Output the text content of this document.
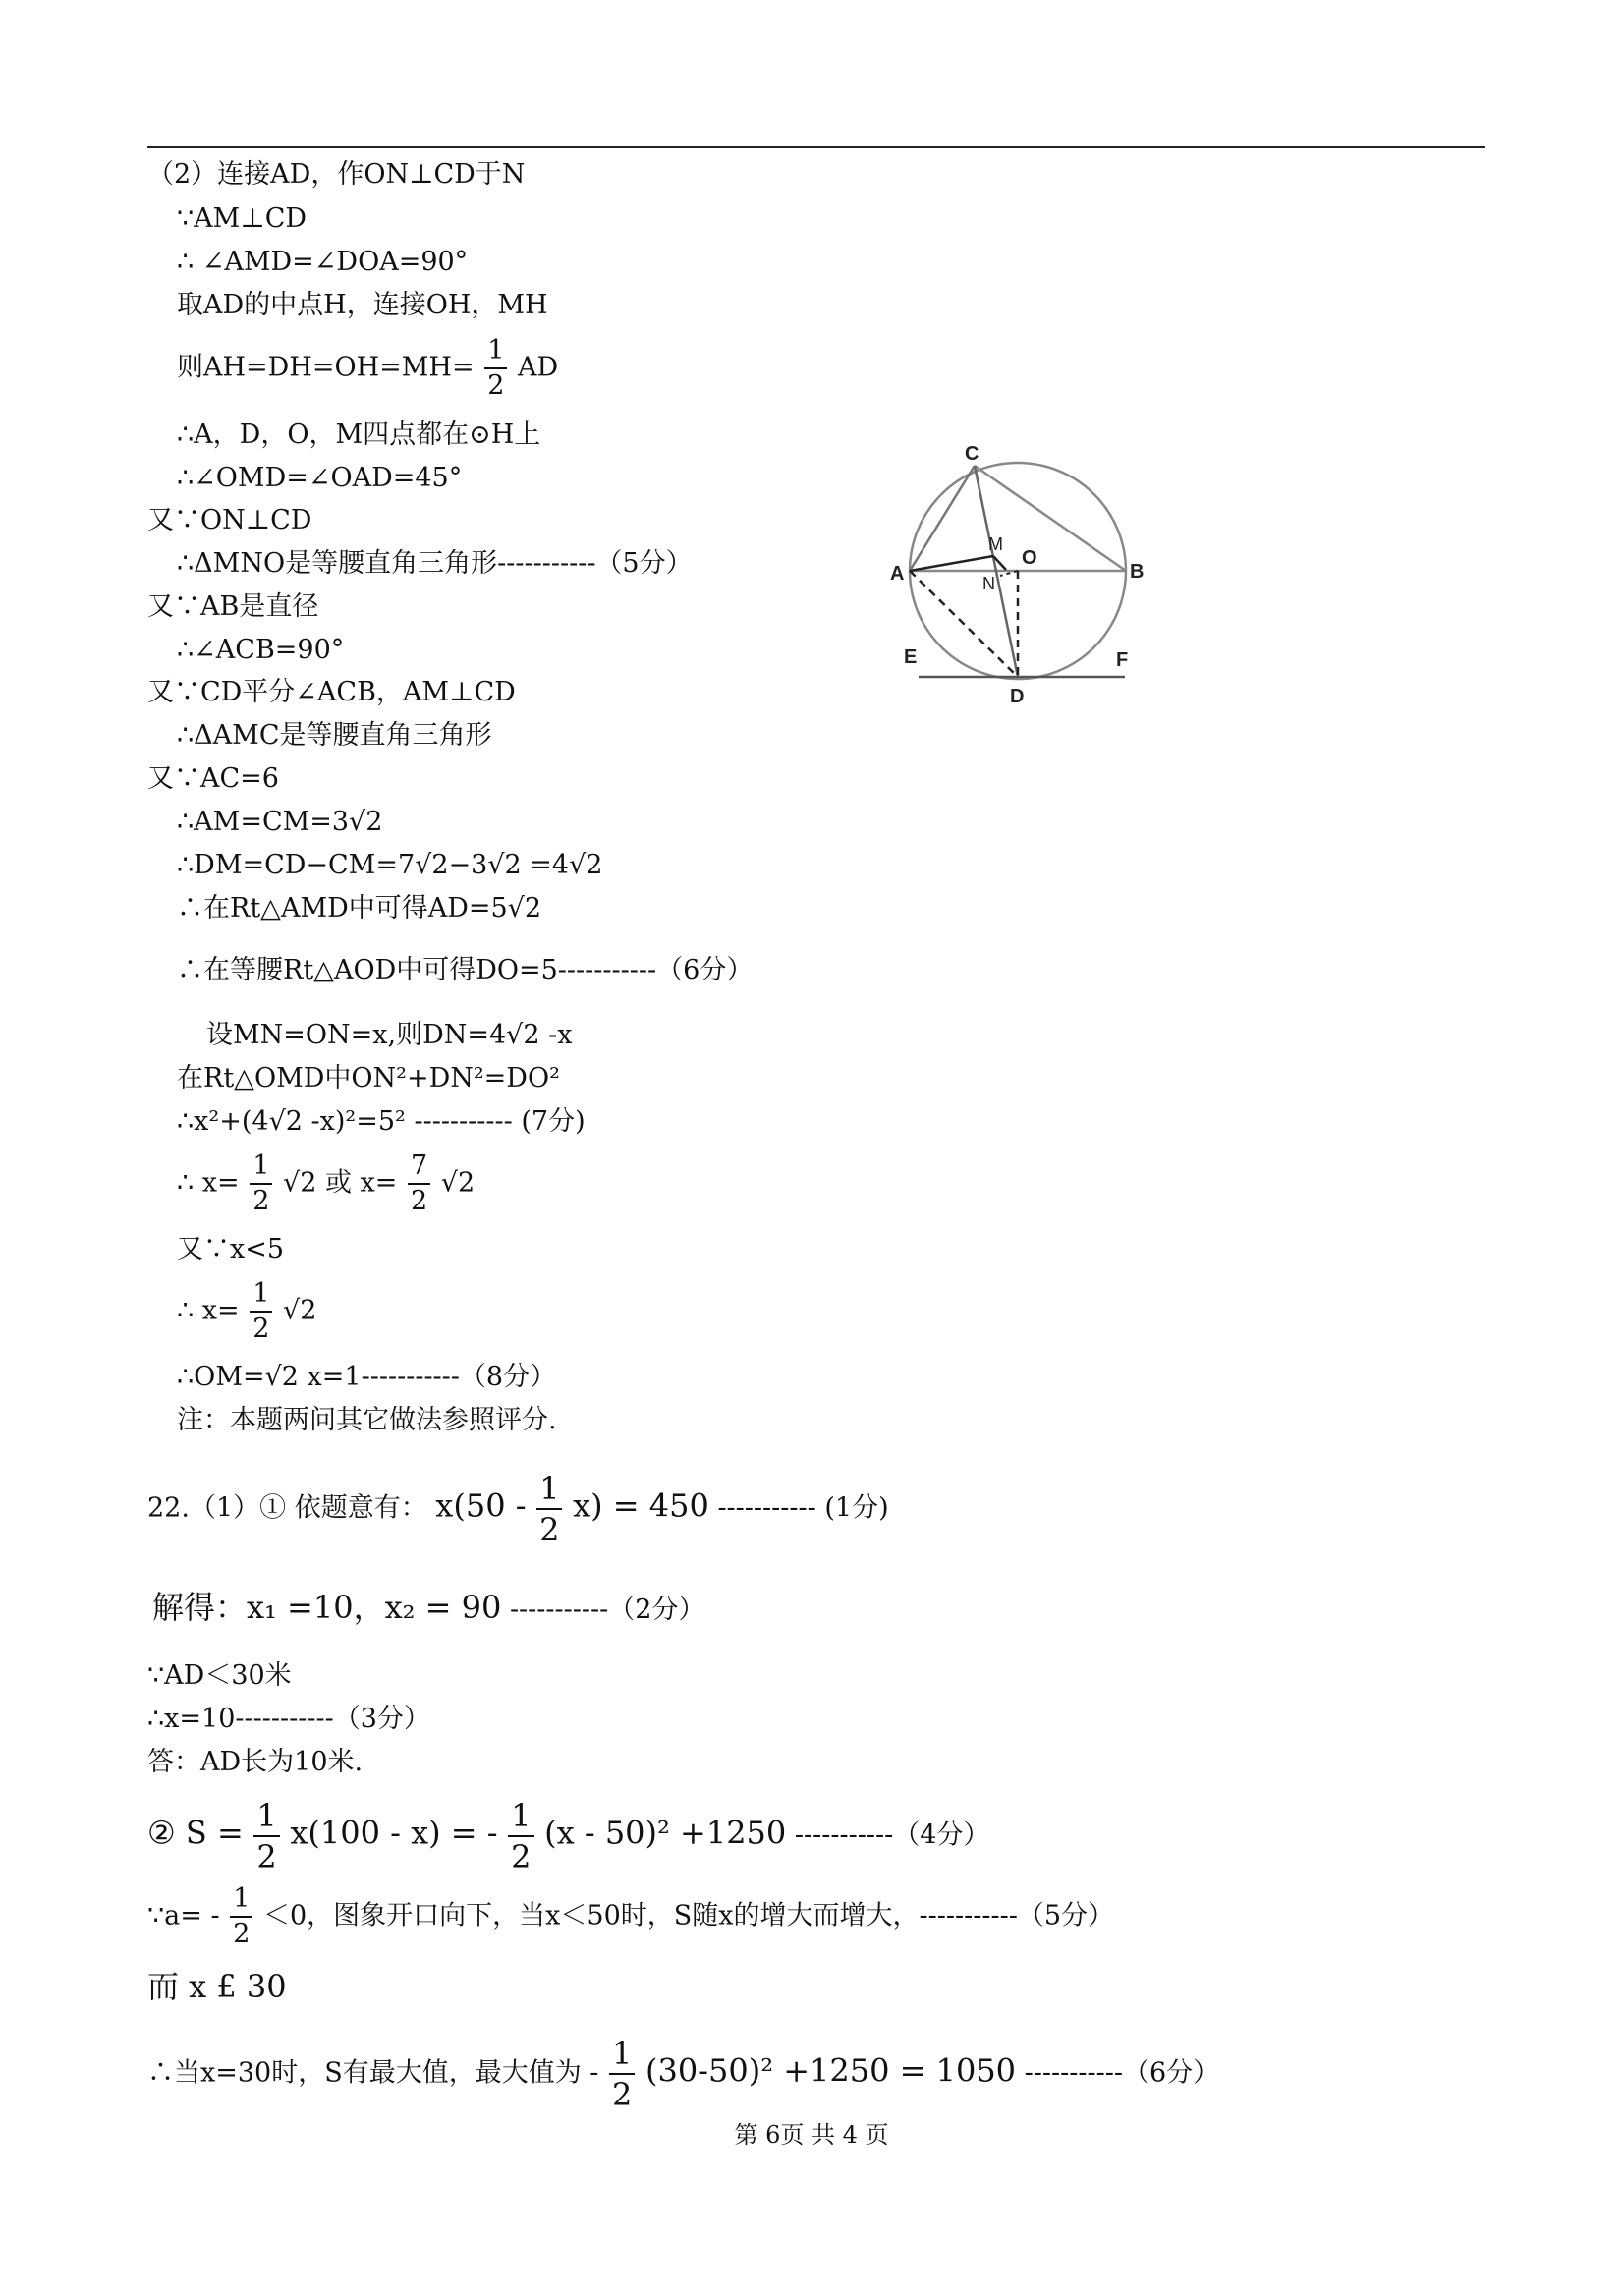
（2）连接AD，作ON⊥CD于N
∵AM⊥CD
∴ ∠AMD=∠DOA=90°
取AD的中点H，连接OH，MH
则$AH=DH=OH=MH= \frac{1}{2}$ AD
∴A，D，O，M四点都在⊙H上
∴∠OMD=∠OAD=45°
又∵ON⊥CD
∴ΔMNO是等腰直角三角形-----------（5分）
又∵AB是直径
∴∠ACB=90°
又∵CD平分∠ACB，AM⊥CD
∴ΔAMC是等腰直角三角形
又∵AC=6
∴AM=CM=3√2
∴DM=CD−CM=7√2−3√2 =4√2
∴在Rt△AMD中可得AD=5√2
∴在等腰Rt△AOD中可得DO=5-----------（6分）
设MN=ON=x,则DN=4√2 -x
在Rt△OMD中ON²+DN²=DO²
∴x²+(4√2 -x)²=5² ----------- (7分)
∴ $x= \frac{1}{2} √2$ 或 $x= \frac{7}{2} √2$
又∵x<5
∴ $x= \frac{1}{2} √2$
∴OM=√2 x=1-----------（8分）
注：本题两问其它做法参照评分.
22.（1）① 依题意有： $x(50 - \frac{1}{2} x) = 450$ ----------- (1分)
解得：x₁ =10，x₂ = 90 -----------（2分）
∵AD＜30米
∴x=10-----------（3分）
答：AD长为10米.
② $S = \frac{1}{2} x(100 - x)$ = - $\frac{1}{2} (x - 50)^2 +1250$ -----------（4分）
∵a= - $\frac{1}{2} <0$，图象开口向下，当x＜50时，S随x的增大而增大，-----------（5分）
而 x £ 30
∴当x=30时，S有最大值，最大值为 - $\frac{1}{2} (30-50)^2 +1250 = 1050$ -----------（6分）
C
A	B
M
O
N
E	F
D
第 6页 共 4 页
